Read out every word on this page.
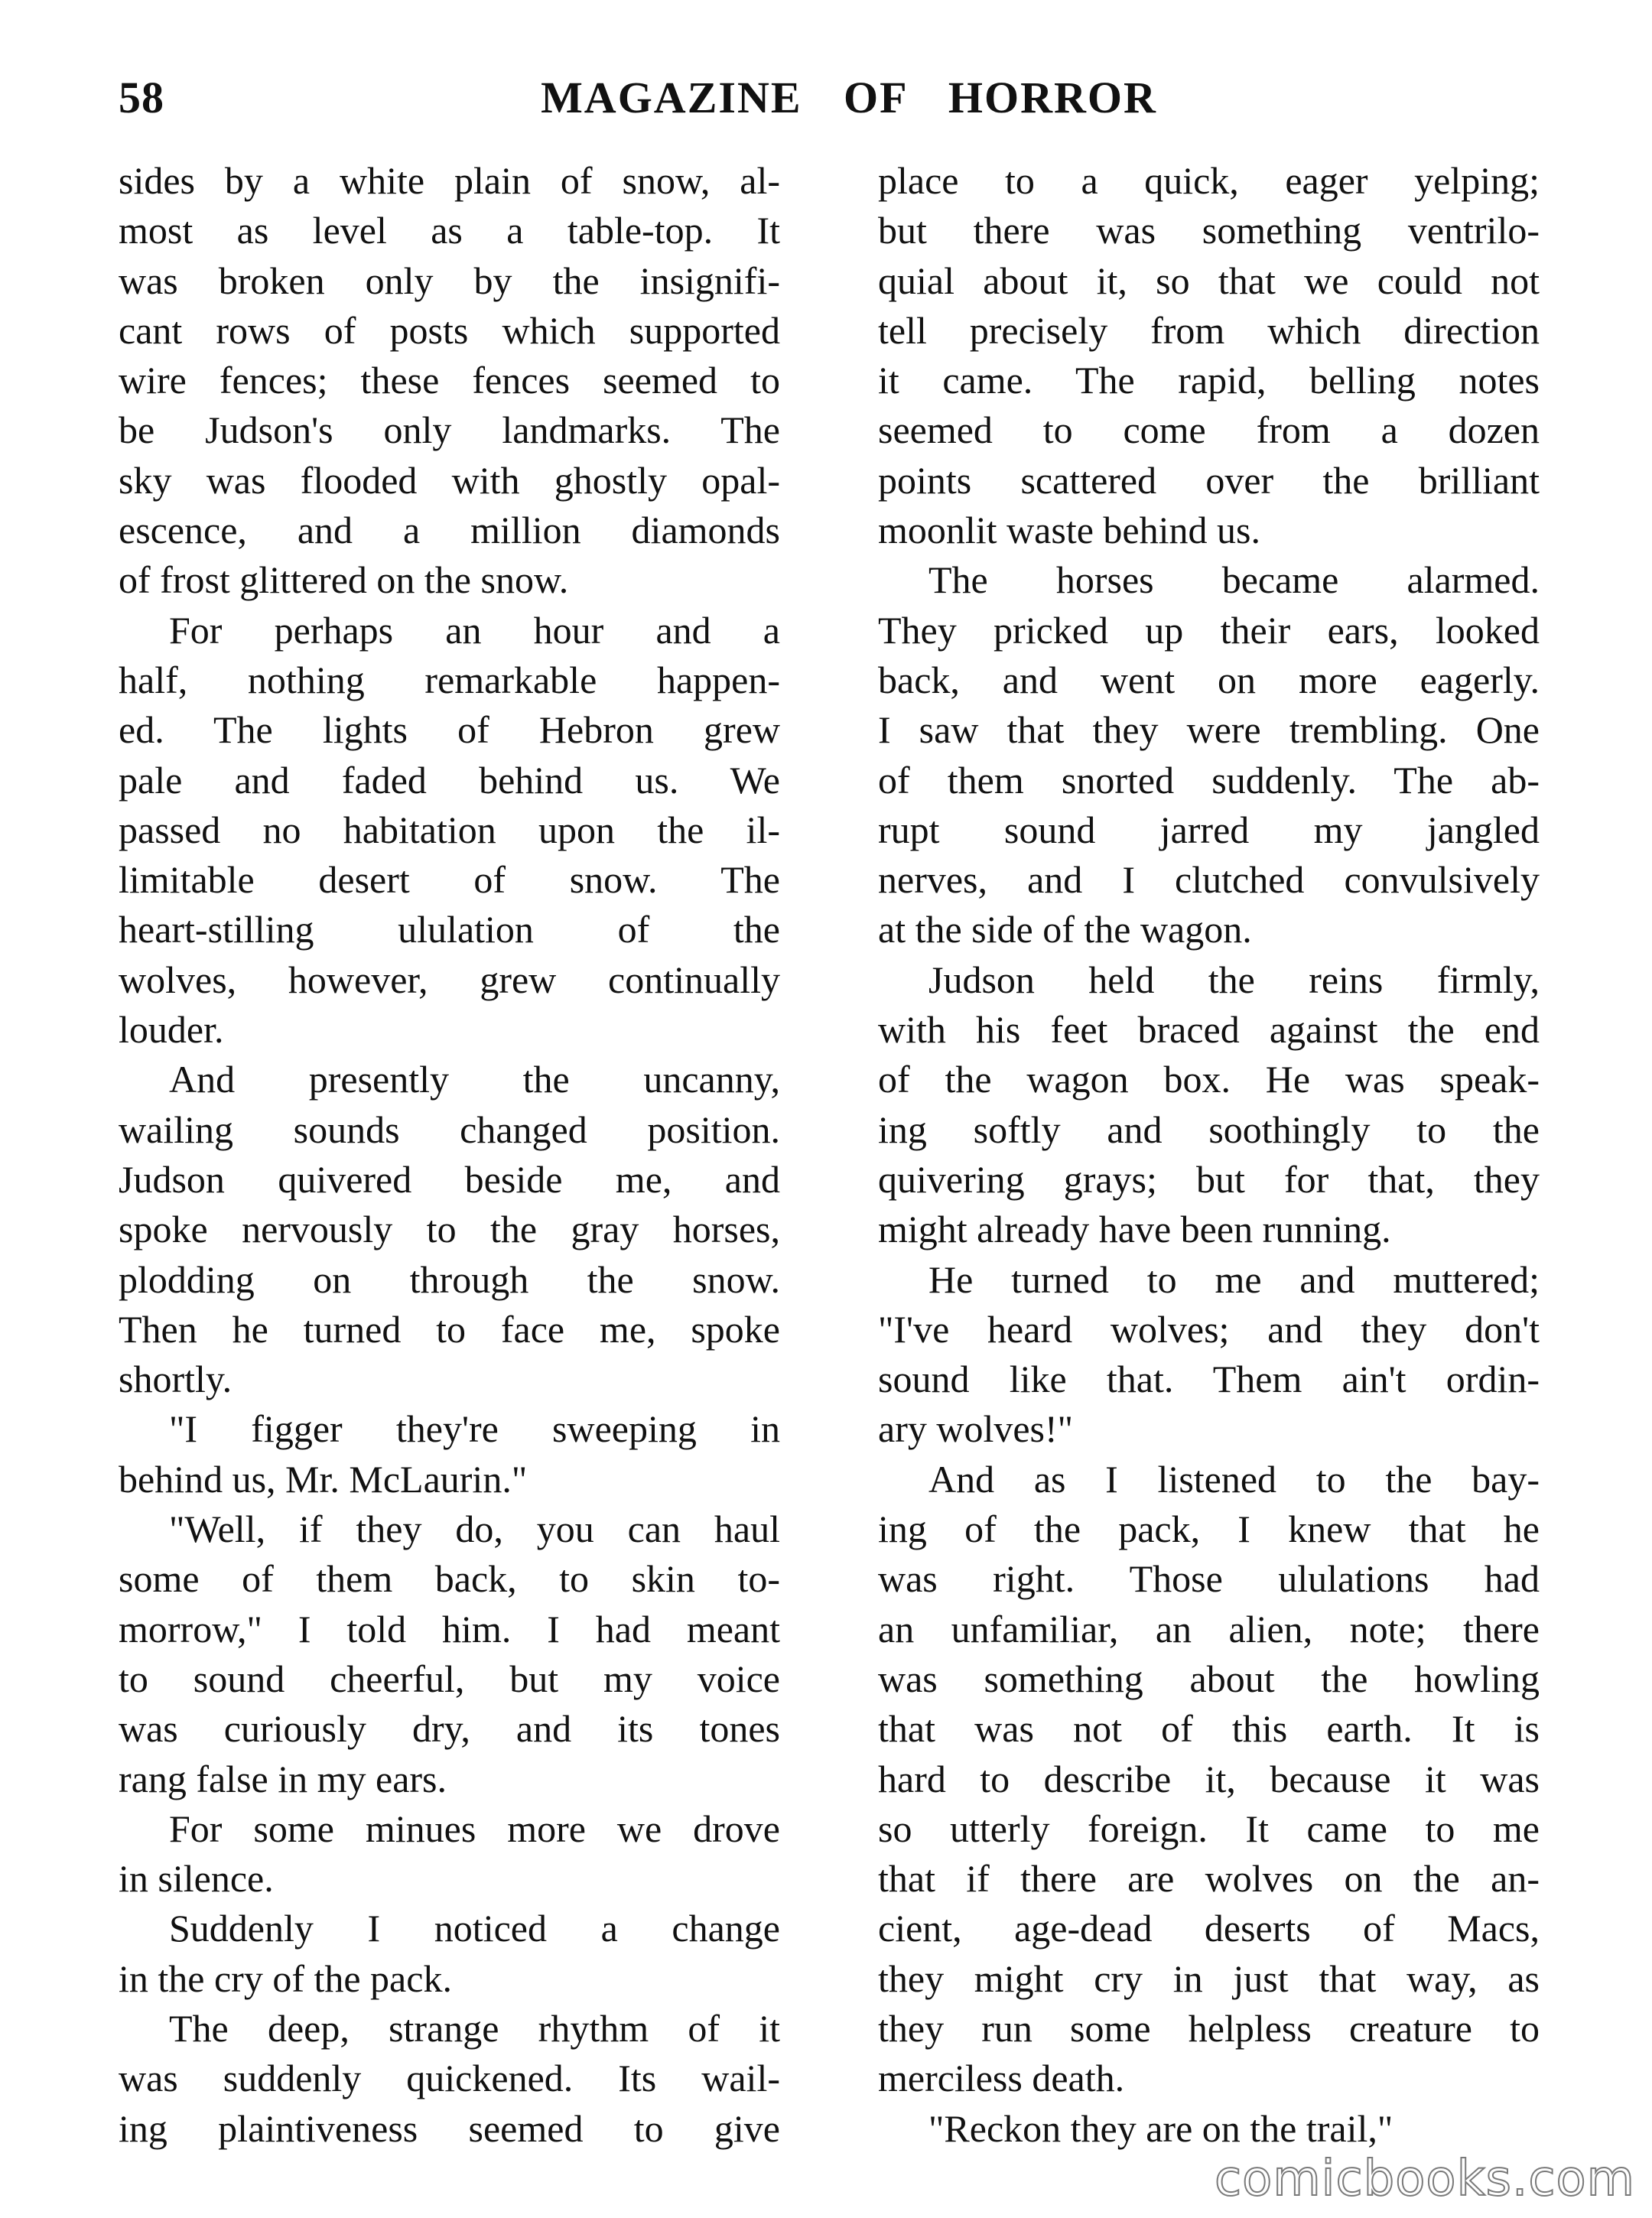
58	MAGAZINE OF HORROR
sides by a white plain of snow, al-
most as level as a table-top. It
was broken only by the insignifi-
cant rows of posts which supported
wire fences; these fences seemed to
be Judson's only landmarks. The
sky was flooded with ghostly opal-
escence, and a million diamonds
of frost glittered on the snow.
For perhaps an hour and a
half, nothing remarkable happen-
ed. The lights of Hebron grew
pale and faded behind us. We
passed no habitation upon the il-
limitable desert of snow. The
heart-stilling ululation of the
wolves, however, grew continually
louder.
And presently the uncanny,
wailing sounds changed position.
Judson quivered beside me, and
spoke nervously to the gray horses,
plodding on through the snow.
Then he turned to face me, spoke
shortly.
"I figger they're sweeping in
behind us, Mr. McLaurin."
"Well, if they do, you can haul
some of them back, to skin to-
morrow," I told him. I had meant
to sound cheerful, but my voice
was curiously dry, and its tones
rang false in my ears.
For some minues more we drove
in silence.
Suddenly I noticed a change
in the cry of the pack.
The deep, strange rhythm of it
was suddenly quickened. Its wail-
ing plaintiveness seemed to give
place to a quick, eager yelping;
but there was something ventrilo-
quial about it, so that we could not
tell precisely from which direction
it came. The rapid, belling notes
seemed to come from a dozen
points scattered over the brilliant
moonlit waste behind us.
The horses became alarmed.
They pricked up their ears, looked
back, and went on more eagerly.
I saw that they were trembling. One
of them snorted suddenly. The ab-
rupt sound jarred my jangled
nerves, and I clutched convulsively
at the side of the wagon.
Judson held the reins firmly,
with his feet braced against the end
of the wagon box. He was speak-
ing softly and soothingly to the
quivering grays; but for that, they
might already have been running.
He turned to me and muttered;
"I've heard wolves; and they don't
sound like that. Them ain't ordin-
ary wolves!"
And as I listened to the bay-
ing of the pack, I knew that he
was right. Those ululations had
an unfamiliar, an alien, note; there
was something about the howling
that was not of this earth. It is
hard to describe it, because it was
so utterly foreign. It came to me
that if there are wolves on the an-
cient, age-dead deserts of Macs,
they might cry in just that way, as
they run some helpless creature to
merciless death.
"Reckon they are on the trail,"
comicbooks.com
